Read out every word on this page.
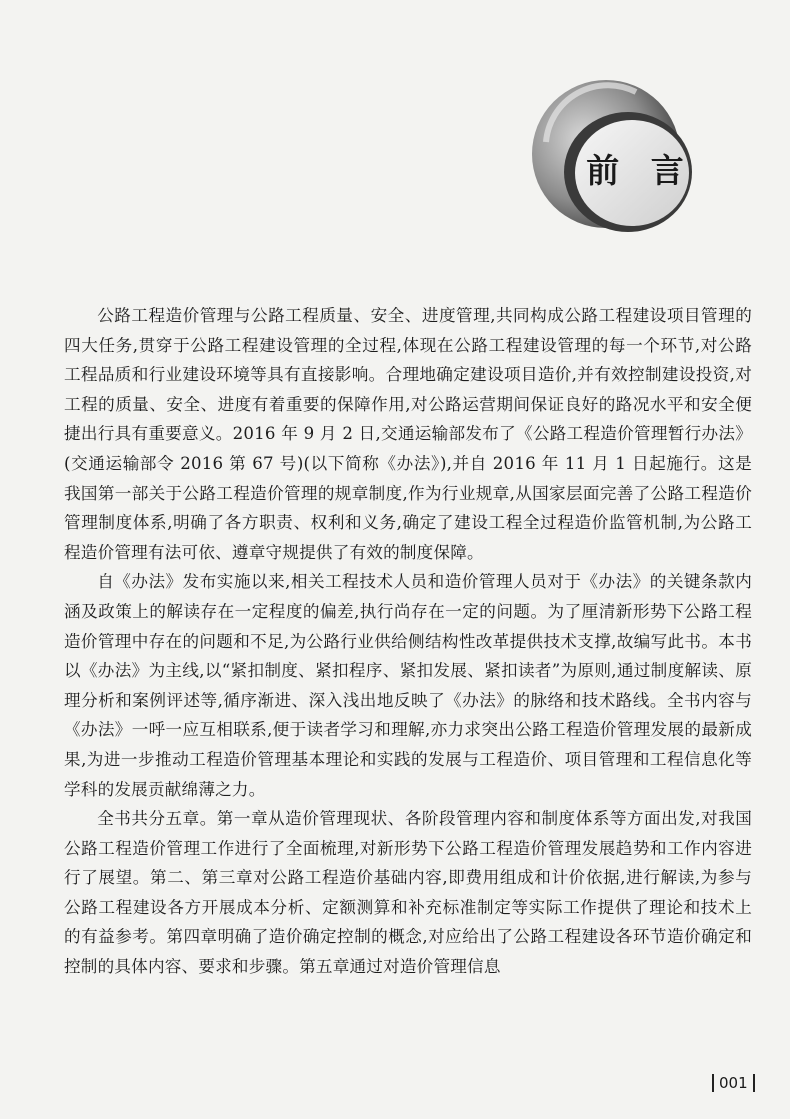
前 言

公路工程造价管理与公路工程质量、安全、进度管理,共同构成公路工程建设项目管理的四大任务,贯穿于公路工程建设管理的全过程,体现在公路工程建设管理的每一个环节,对公路工程品质和行业建设环境等具有直接影响。合理地确定建设项目造价,并有效控制建设投资,对工程的质量、安全、进度有着重要的保障作用,对公路运营期间保证良好的路况水平和安全便捷出行具有重要意义。2016 年 9 月 2 日,交通运输部发布了《公路工程造价管理暂行办法》(交通运输部令 2016 第 67 号)(以下简称《办法》),并自 2016 年 11 月 1 日起施行。这是我国第一部关于公路工程造价管理的规章制度,作为行业规章,从国家层面完善了公路工程造价管理制度体系,明确了各方职责、权利和义务,确定了建设工程全过程造价监管机制,为公路工程造价管理有法可依、遵章守规提供了有效的制度保障。

自《办法》发布实施以来,相关工程技术人员和造价管理人员对于《办法》的关键条款内涵及政策上的解读存在一定程度的偏差,执行尚存在一定的问题。为了厘清新形势下公路工程造价管理中存在的问题和不足,为公路行业供给侧结构性改革提供技术支撑,故编写此书。本书以《办法》为主线,以“紧扣制度、紧扣程序、紧扣发展、紧扣读者”为原则,通过制度解读、原理分析和案例评述等,循序渐进、深入浅出地反映了《办法》的脉络和技术路线。全书内容与《办法》一呼一应互相联系,便于读者学习和理解,亦力求突出公路工程造价管理发展的最新成果,为进一步推动工程造价管理基本理论和实践的发展与工程造价、项目管理和工程信息化等学科的发展贡献绵薄之力。

全书共分五章。第一章从造价管理现状、各阶段管理内容和制度体系等方面出发,对我国公路工程造价管理工作进行了全面梳理,对新形势下公路工程造价管理发展趋势和工作内容进行了展望。第二、第三章对公路工程造价基础内容,即费用组成和计价依据,进行解读,为参与公路工程建设各方开展成本分析、定额测算和补充标准制定等实际工作提供了理论和技术上的有益参考。第四章明确了造价确定控制的概念,对应给出了公路工程建设各环节造价确定和控制的具体内容、要求和步骤。第五章通过对造价管理信息

001
